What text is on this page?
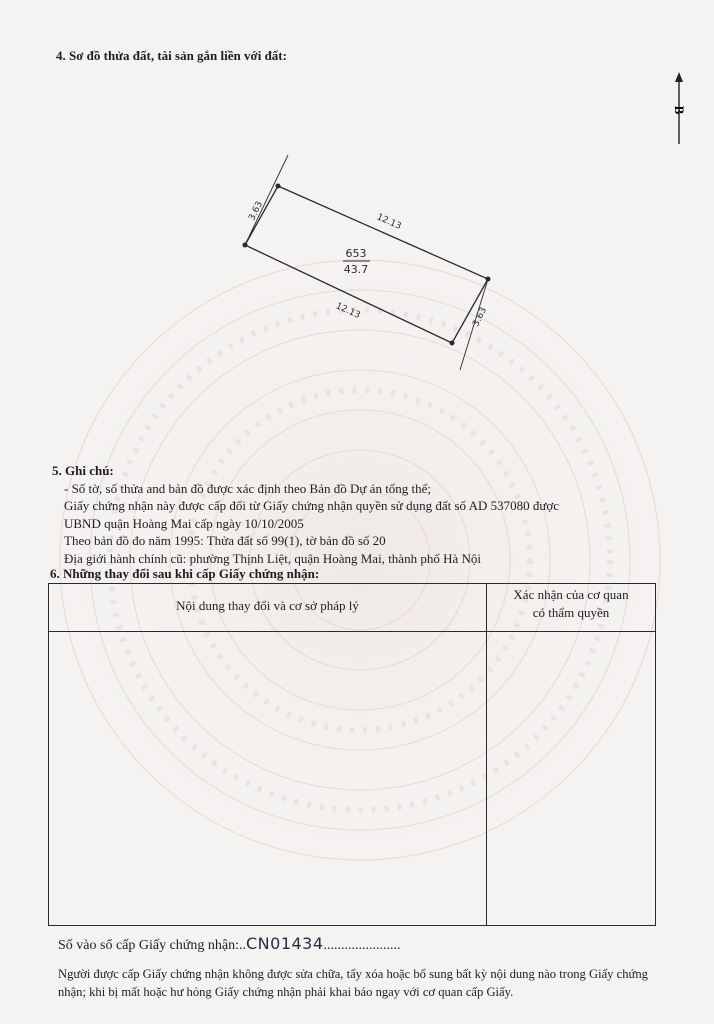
4. Sơ đồ thửa đất, tài sản gắn liền với đất:
B
12.13
12.13
3.63
3.63
653
43.7
5. Ghi chú:
- Số tờ, số thửa and bản đồ được xác định theo Bản đồ Dự án tổng thể;
Giấy chứng nhận này được cấp đổi từ Giấy chứng nhận quyền sử dụng đất số AD 537080 được
UBND quận Hoàng Mai cấp ngày 10/10/2005
Theo bản đồ đo năm 1995: Thửa đất số 99(1), tờ bản đồ số 20
Địa giới hành chính cũ: phường Thịnh Liệt, quận Hoàng Mai, thành phố Hà Nội
6. Những thay đổi sau khi cấp Giấy chứng nhận:
Nội dung thay đổi và cơ sở pháp lý
Xác nhận của cơ quan
có thẩm quyền
Số vào sổ cấp Giấy chứng nhận:..CN01434......................
Người được cấp Giấy chứng nhận không được sửa chữa, tẩy xóa hoặc bổ sung bất kỳ nội dung nào trong Giấy chứng nhận; khi bị mất hoặc hư hỏng Giấy chứng nhận phải khai báo ngay với cơ quan cấp Giấy.
